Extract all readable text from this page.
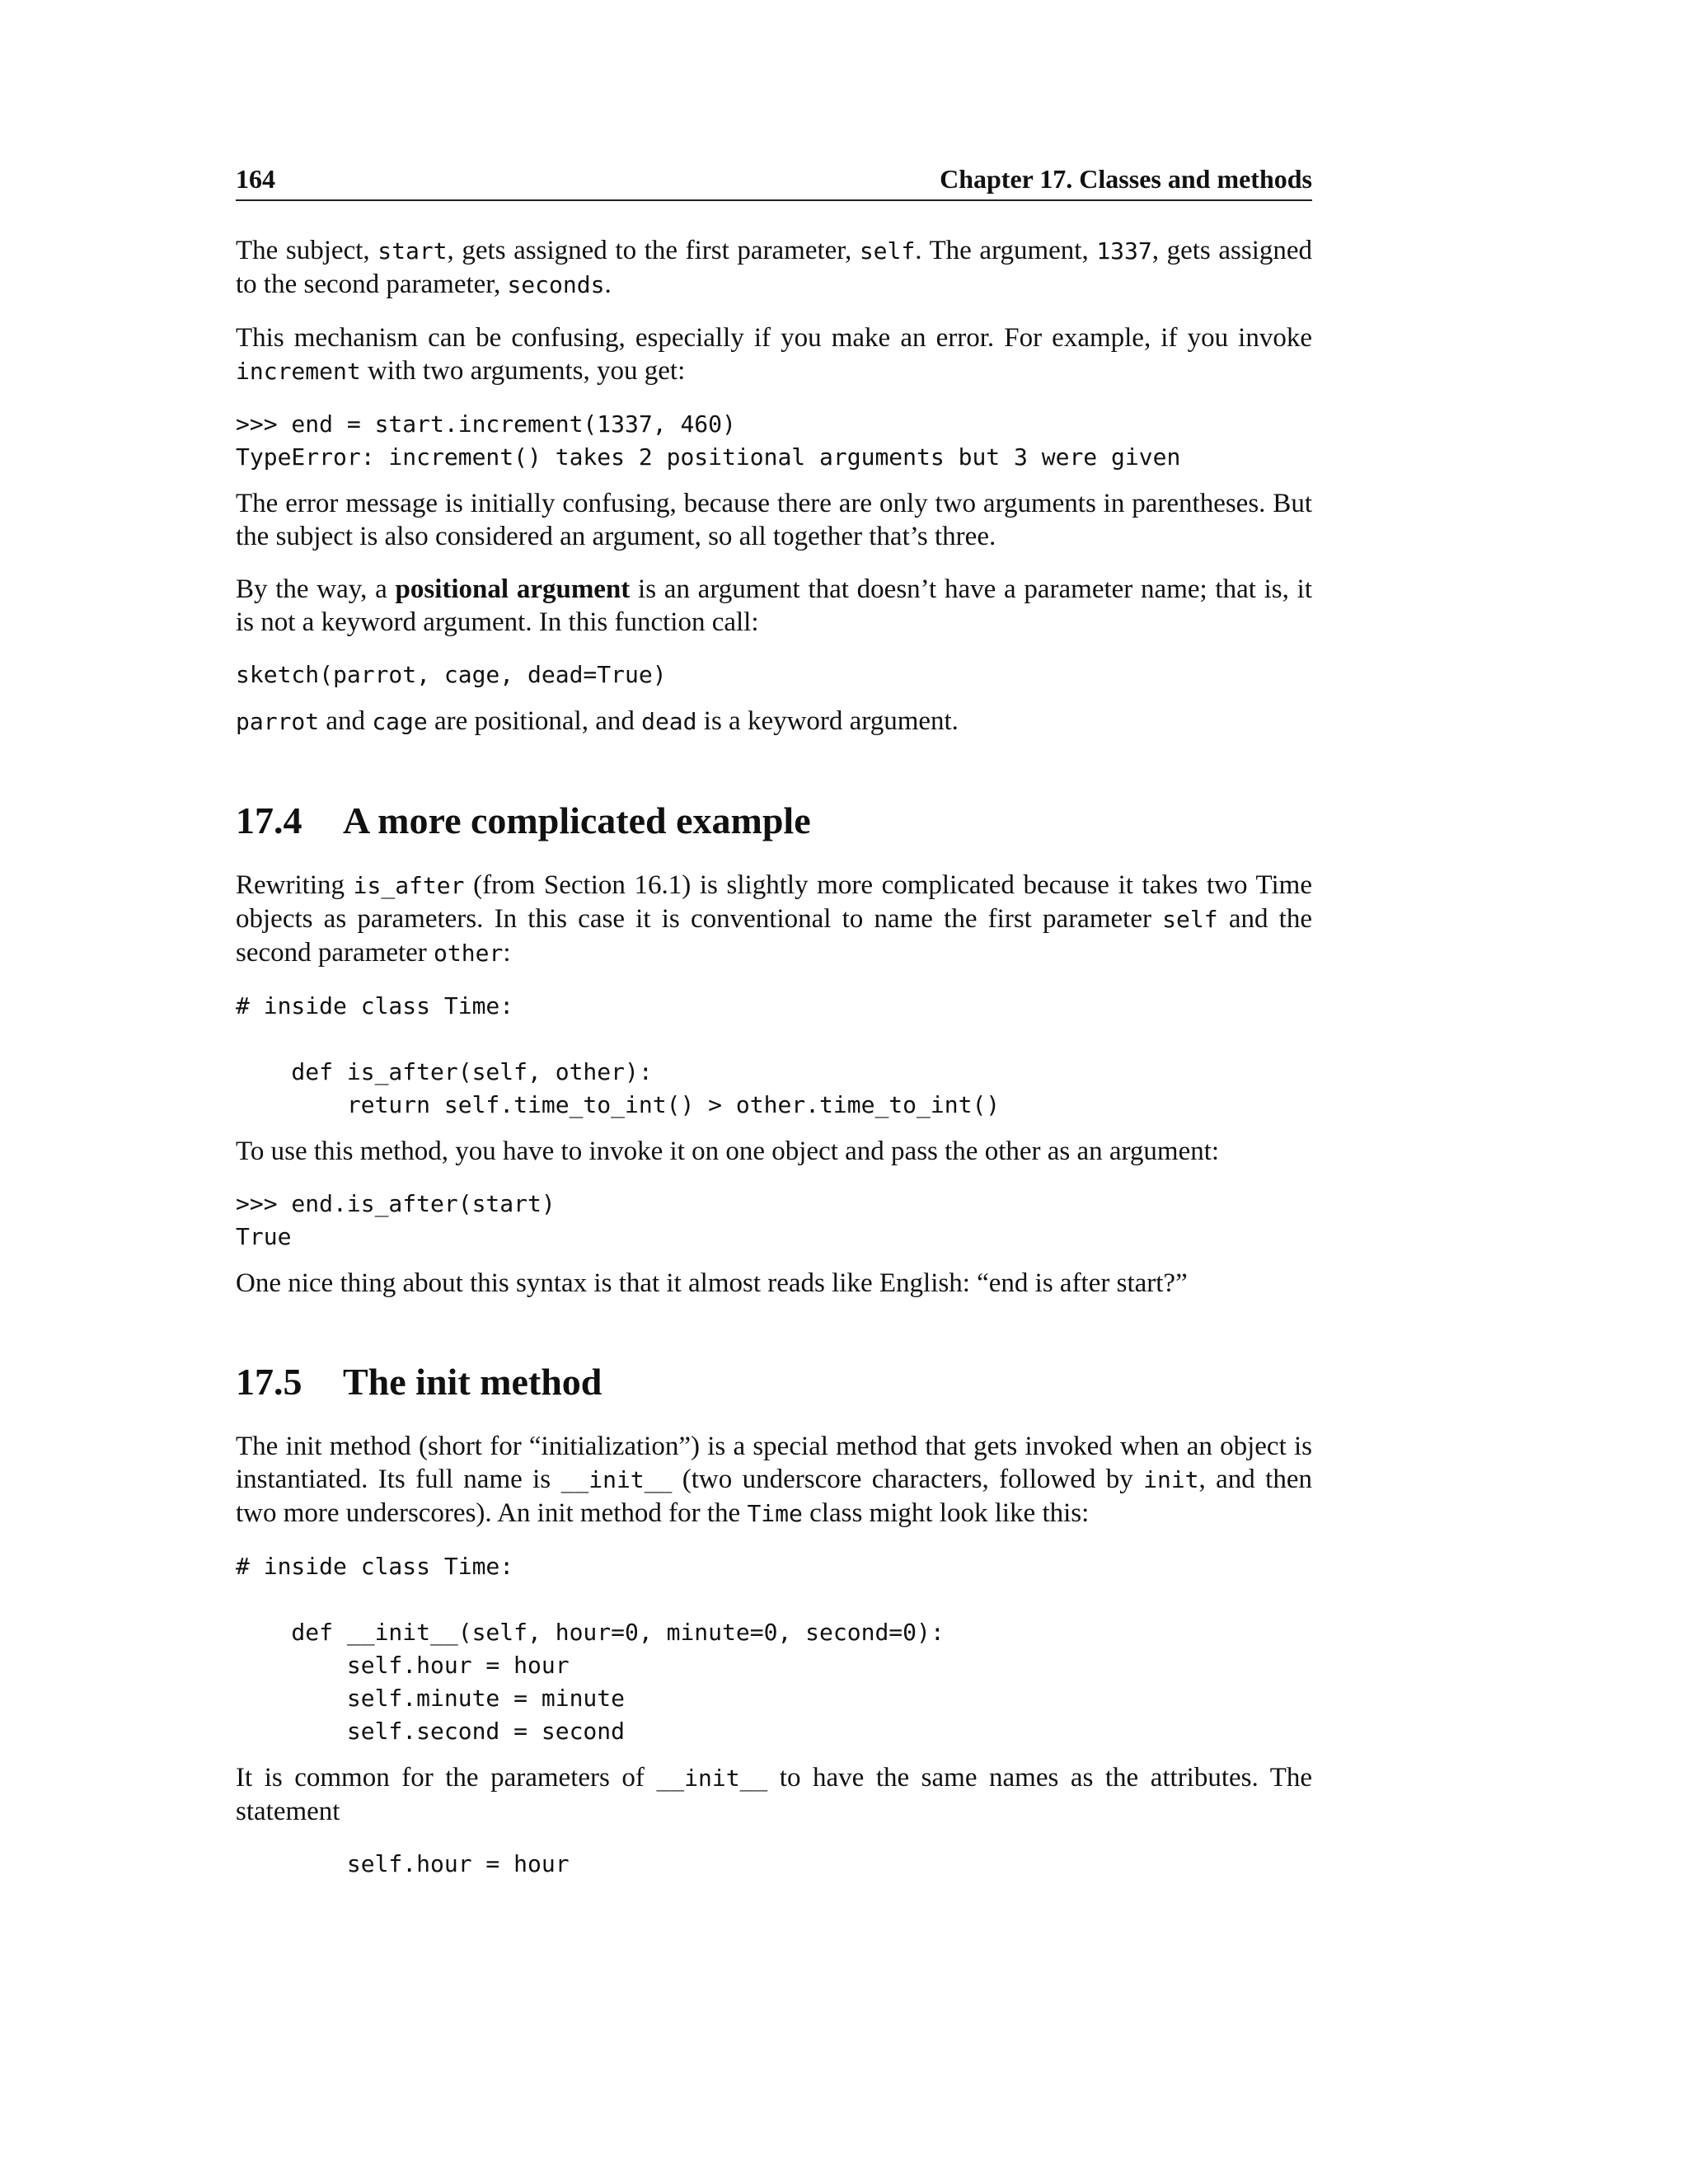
164	Chapter 17. Classes and methods

The subject, start, gets assigned to the first parameter, self. The argument, 1337, gets assigned to the second parameter, seconds.

This mechanism can be confusing, especially if you make an error. For example, if you invoke increment with two arguments, you get:

>>> end = start.increment(1337, 460)
TypeError: increment() takes 2 positional arguments but 3 were given

The error message is initially confusing, because there are only two arguments in parentheses. But the subject is also considered an argument, so all together that’s three.

By the way, a positional argument is an argument that doesn’t have a parameter name; that is, it is not a keyword argument. In this function call:

sketch(parrot, cage, dead=True)

parrot and cage are positional, and dead is a keyword argument.

17.4 A more complicated example

Rewriting is_after (from Section 16.1) is slightly more complicated because it takes two Time objects as parameters. In this case it is conventional to name the first parameter self and the second parameter other:

# inside class Time:

def is_after(self, other):
return self.time_to_int() > other.time_to_int()

To use this method, you have to invoke it on one object and pass the other as an argument:

>>> end.is_after(start)
True

One nice thing about this syntax is that it almost reads like English: “end is after start?”

17.5 The init method

The init method (short for “initialization”) is a special method that gets invoked when an object is instantiated. Its full name is __init__ (two underscore characters, followed by init, and then two more underscores). An init method for the Time class might look like this:

# inside class Time:

def __init__(self, hour=0, minute=0, second=0):
self.hour = hour
self.minute = minute
self.second = second

It is common for the parameters of __init__ to have the same names as the attributes. The statement

self.hour = hour
